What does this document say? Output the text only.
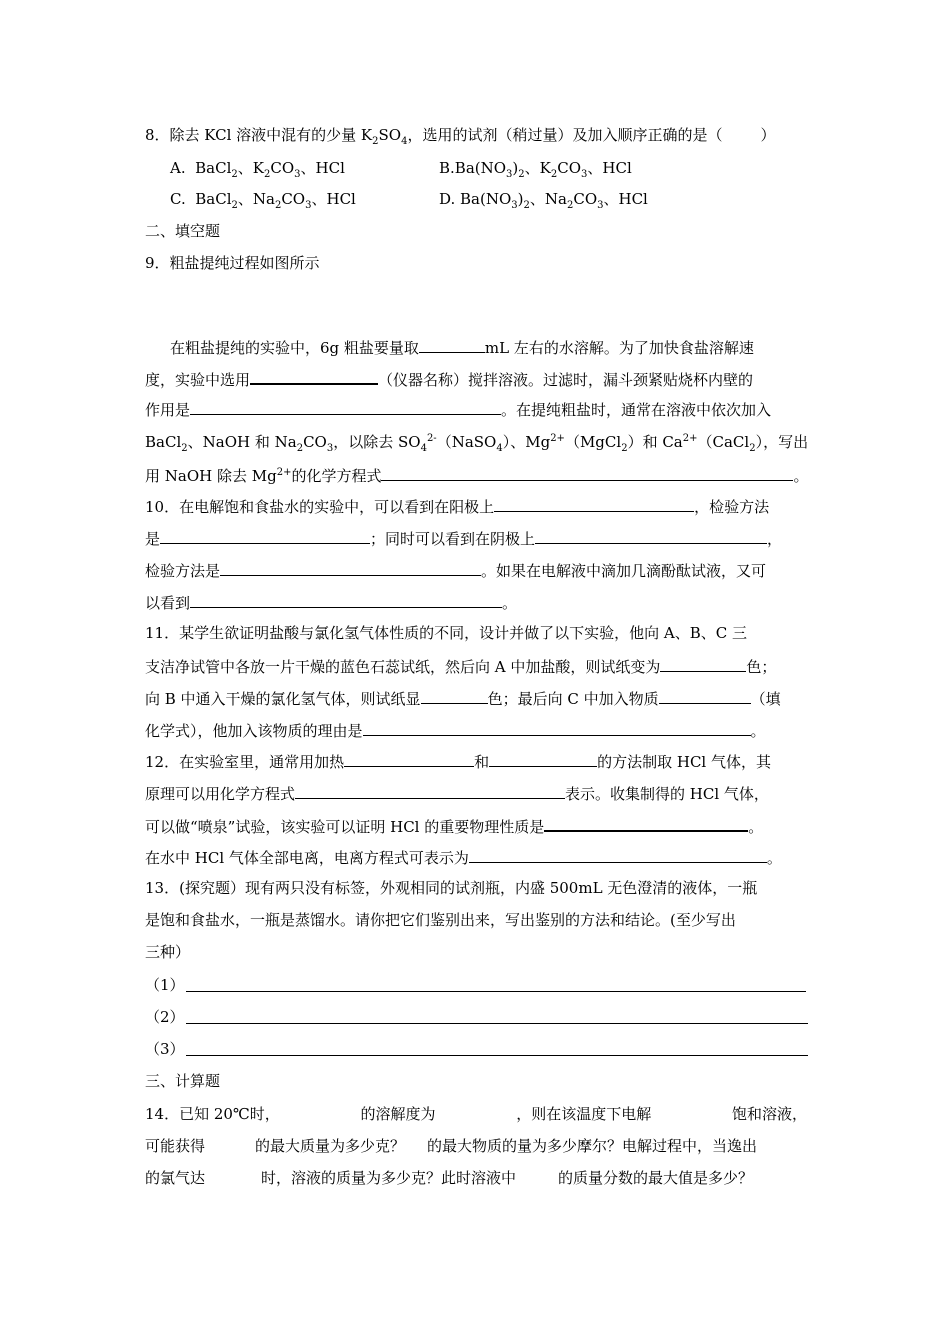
8．除去 KCl 溶液中混有的少量 $K_2SO_4$，选用的试剂（稍过量）及加入顺序正确的是（	）
A.  BaCl$_2$、$K_2CO_3$、HCl	$B.Ba(NO_3)_2$、$K_2CO_3$、HCl
C.  BaCl$_2$、$Na_2CO_3$、HCl	D. $Ba(NO_3)_2$、$Na_2CO_3$、HCl
二、填空题
9．粗盐提纯过程如图所示
在粗盐提纯的实验中，6g 粗盐要量取	mL 左右的水溶解。为了加快食盐溶解速
度，实验中选用	（仪器名称）搅拌溶液。过滤时，漏斗颈紧贴烧杯内壁的
作用是	。在提纯粗盐时，通常在溶液中依次加入
BaCl$_2$、NaOH 和 $Na_2CO_3$，以除去 $SO_4^{2-}(NaSO_4)$、$Mg^{2+}(MgCl_2)$和 $Ca^{2+}(CaCl_2)$，写出
用 NaOH 除去 $Mg^{2+}$的化学方程式	。
10．在电解饱和食盐水的实验中，可以看到在阳极上	，检验方法
是	；同时可以看到在阴极上	，
检验方法是	。如果在电解液中滴加几滴酚酞试液，又可
以看到	。
11．某学生欲证明盐酸与氯化氢气体性质的不同，设计并做了以下实验，他向 A、B、C 三
支洁净试管中各放一片干燥的蓝色石蕊试纸，然后向 A 中加盐酸，则试纸变为	色；
向 B 中通入干燥的氯化氢气体，则试纸显	色；最后向 C 中加入物质	（填
化学式），他加入该物质的理由是	。
12．在实验室里，通常用加热	和	的方法制取 HCl 气体，其
原理可以用化学方程式	表示。收集制得的 HCl 气体，
可以做“喷泉”试验，该实验可以证明 HCl 的重要物理性质是	。
在水中 HCl 气体全部电离，电离方程式可表示为	。
13．(探究题）现有两只没有标签，外观相同的试剂瓶，内盛 500mL 无色澄清的液体，一瓶
是饱和食盐水，一瓶是蒸馏水。请你把它们鉴别出来，写出鉴别的方法和结论。(至少写出
三种）
（1）
（2）
（3）
三、计算题
14．已知 20℃时，	的溶解度为	，则在该温度下电解	饱和溶液，
可能获得	的最大质量为多少克？ 的最大物质的量为多少摩尔？电解过程中，当逸出
的氯气达	时，溶液的质量为多少克？此时溶液中	的质量分数的最大值是多少？
